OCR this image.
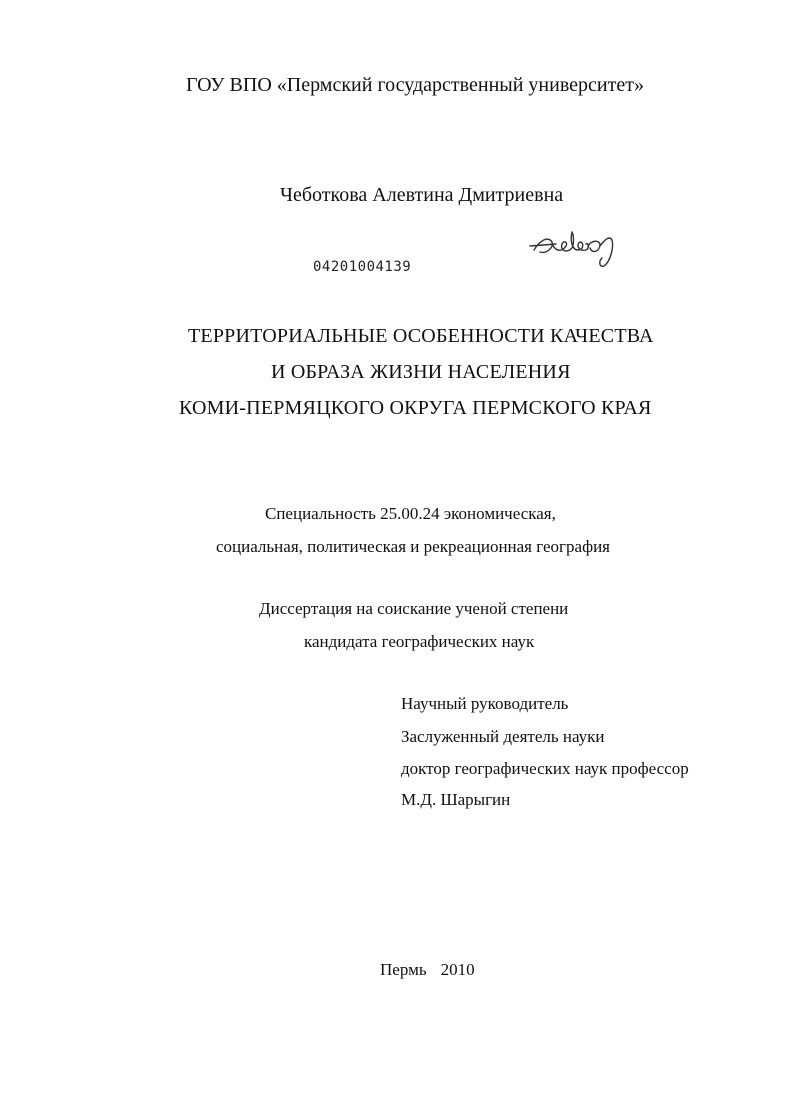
ГОУ ВПО «Пермский государственный университет»
Чеботкова Алевтина Дмитриевна
04201004139
ТЕРРИТОРИАЛЬНЫЕ ОСОБЕННОСТИ КАЧЕСТВА
И ОБРАЗА ЖИЗНИ НАСЕЛЕНИЯ
КОМИ-ПЕРМЯЦКОГО ОКРУГА ПЕРМСКОГО КРАЯ
Специальность 25.00.24 экономическая,
социальная, политическая и рекреационная география
Диссертация на соискание ученой степени
кандидата географических наук
Научный руководитель
Заслуженный деятель науки
доктор географических наук профессор
М.Д. Шарыгин
Пермь 2010
